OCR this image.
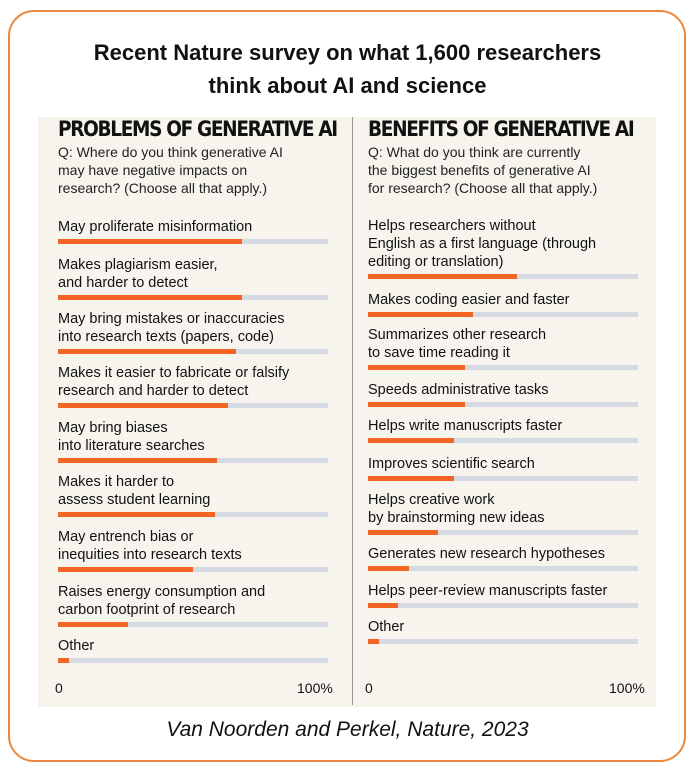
Recent Nature survey on what 1,600 researchers
think about AI and science
PROBLEMS OF GENERATIVE AI
Q: Where do you think generative AI
may have negative impacts on
research? (Choose all that apply.)
May proliferate misinformation
Makes plagiarism easier,
and harder to detect
May bring mistakes or inaccuracies
into research texts (papers, code)
Makes it easier to fabricate or falsify
research and harder to detect
May bring biases
into literature searches
Makes it harder to
assess student learning
May entrench bias or
inequities into research texts
Raises energy consumption and
carbon footprint of research
Other
BENEFITS OF GENERATIVE AI
Q: What do you think are currently
the biggest benefits of generative AI
for research? (Choose all that apply.)
Helps researchers without
English as a first language (through
editing or translation)
Makes coding easier and faster
Summarizes other research
to save time reading it
Speeds administrative tasks
Helps write manuscripts faster
Improves scientific search
Helps creative work
by brainstorming new ideas
Generates new research hypotheses
Helps peer-review manuscripts faster
Other
0	100% 0	100%
Van Noorden and Perkel, Nature, 2023
